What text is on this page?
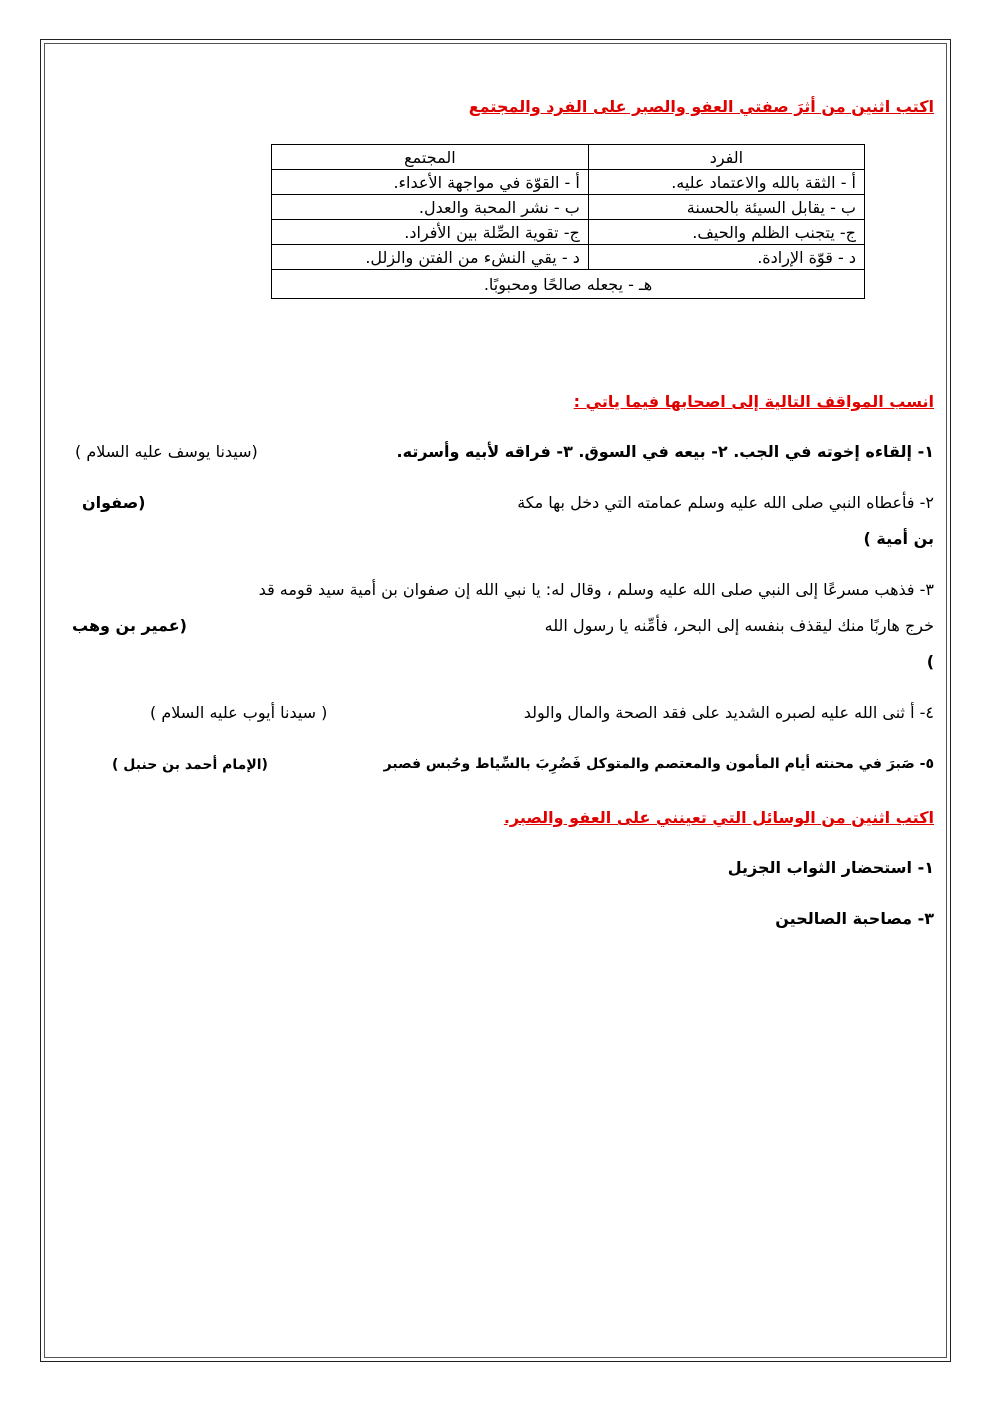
اكتب اثنين من أثرَ صفتي العفو والصبر على الفرد والمجتمع
الفرد	المجتمع
أ - الثقة بالله والاعتماد عليه.	أ - القوّة في مواجهة الأعداء.
ب - يقابل السيئة بالحسنة	ب - نشر المحبة والعدل.
ج- يتجنب الظلم والحيف.	ج- تقوية الصِّلة بين الأفراد.
د - قوّة الإرادة.	د - يقي النشء من الفتن والزلل.
هـ - يجعله صالحًا ومحبوبًا.	
انسب المواقف التالية إلى اصحابها فيما ياتي :
١- إلقاءه إخوته في الجب. ٢- بيعه في السوق. ٣- فراقه لأبيه وأسرته.
(سيدنا يوسف عليه السلام )
٢- فأعطاه النبي صلى الله عليه وسلم عمامته التي دخل بها مكة
(صفوان
بن أمية )
٣- فذهب مسرعًا إلى النبي صلى الله عليه وسلم ، وقال له: يا نبي الله إن صفوان بن أمية سيد قومه قد
خرج هاربًا منك ليقذف بنفسه إلى البحر، فأمِّنه يا رسول الله
(عمير بن وهب
)
٤- أ ثنى الله عليه لصبره الشديد على فقد الصحة والمال والولد
( سيدنا أيوب عليه السلام )
٥- صَبرَ في محنته أيام المأمون والمعتصم والمتوكل فَضُرِبَ بالسِّياط وحُبس فصبر
(الإمام أحمد بن حنبل )
اكتب اثنين من الوسائل التي تعينني على العفو والصبر.
١- استحضار الثواب الجزيل
٣- مصاحبة الصالحين
